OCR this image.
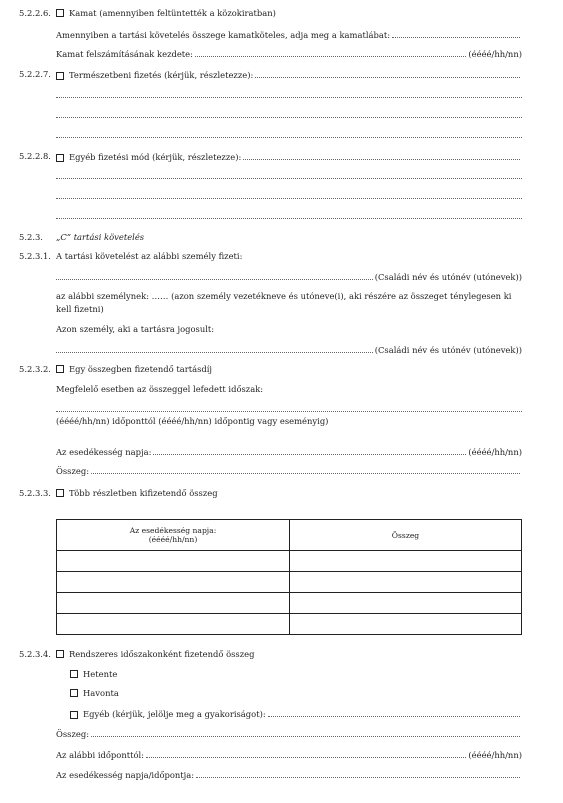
5.2.2.6.	Kamat (amennyiben feltüntették a közokiratban)
Amennyiben a tartási követelés összege kamatköteles, adja meg a kamatlábat:
Kamat felszámításának kezdete:	(éééé/hh/nn)
5.2.2.7. Természetbeni fizetés (kérjük, részletezze):
5.2.2.8. Egyéb fizetési mód (kérjük, részletezze):
5.2.3. „C” tartási követelés
5.2.3.1. A tartási követelést az alábbi személy fizeti:
(Családi név és utónév (utónevek))
az alábbi személynek: …… (azon személy vezetékneve és utóneve(i), aki részére az összeget ténylegesen ki kell fizetni)
Azon személy, aki a tartásra jogosult:
(Családi név és utónév (utónevek))
5.2.3.2.	Egy összegben fizetendő tartásdíj
Megfelelő esetben az összeggel lefedett időszak:
(éééé/hh/nn) időponttól (éééé/hh/nn) időpontig vagy eseményig)
Az esedékesség napja:	(éééé/hh/nn)
Összeg:
5.2.3.3.	Több részletben kifizetendő összeg
Az esedékesség napja:
(éééé/hh/nn)	Összeg

5.2.3.4.	Rendszeres időszakonként fizetendő összeg
Hetente
Havonta
Egyéb (kérjük, jelölje meg a gyakoriságot):
Összeg:
Az alábbi időponttól:	(éééé/hh/nn)
Az esedékesség napja/időpontja:
